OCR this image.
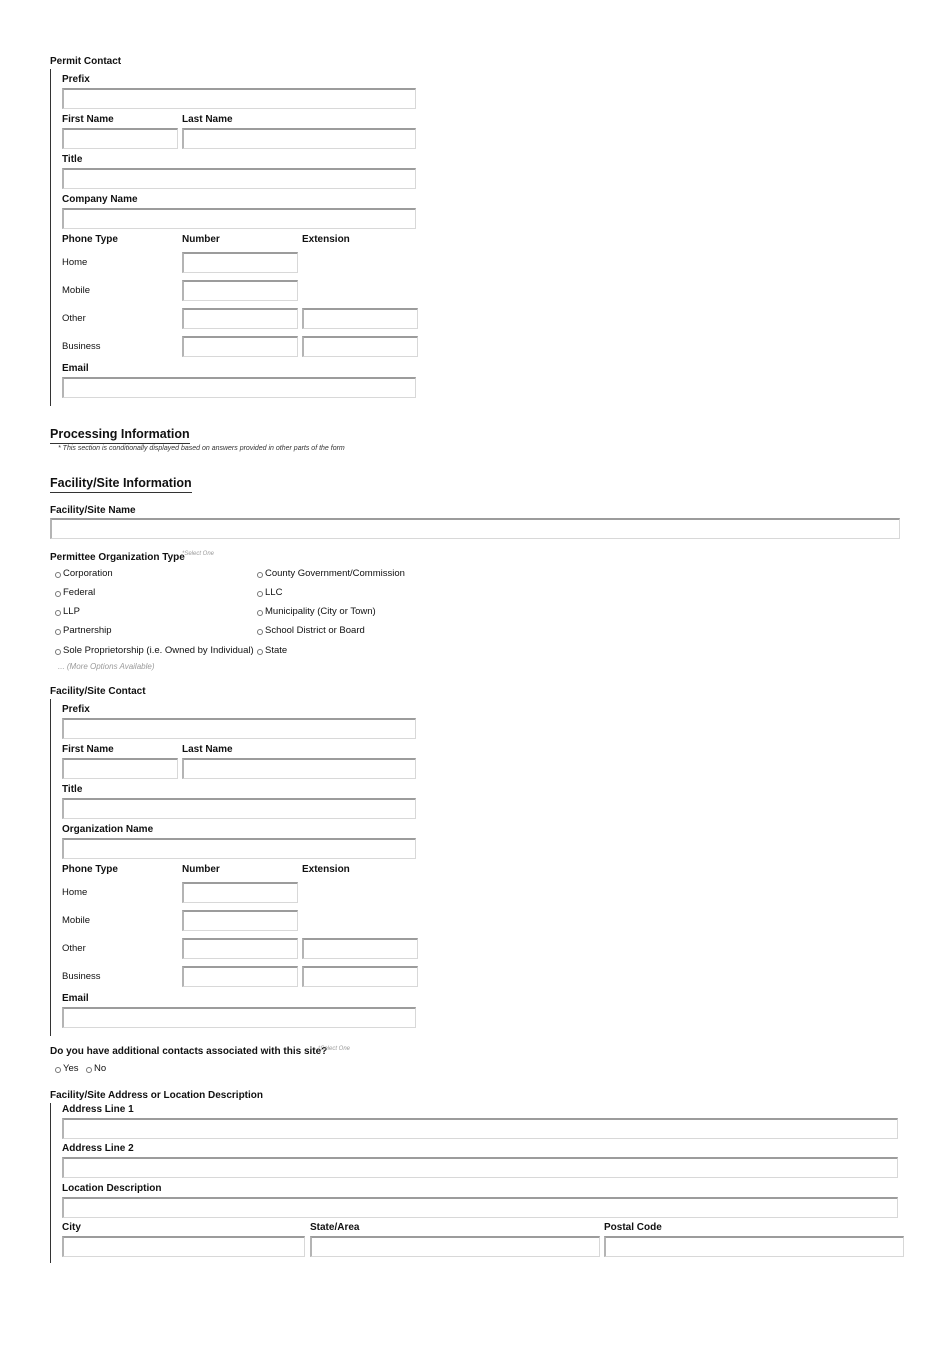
Permit Contact
Prefix
First Name	Last Name
Title
Company Name
Phone Type	Number	Extension
Home
Mobile
Other
Business
Email
Processing Information
* This section is conditionally displayed based on answers provided in other parts of the form
Facility/Site Information
Facility/Site Name
Permittee Organization Type
*Select One
Corporation
Federal
LLP
Partnership
Sole Proprietorship (i.e. Owned by Individual)
County Government/Commission
LLC
Municipality (City or Town)
School District or Board
State
... (More Options Available)
Facility/Site Contact
Prefix
First Name	Last Name
Title
Organization Name
Phone Type	Number	Extension
Home
Mobile
Other
Business
Email
Do you have additional contacts associated with this site?
*Select One
Yes No
Facility/Site Address or Location Description
Address Line 1
Address Line 2
Location Description
City	State/Area	Postal Code
